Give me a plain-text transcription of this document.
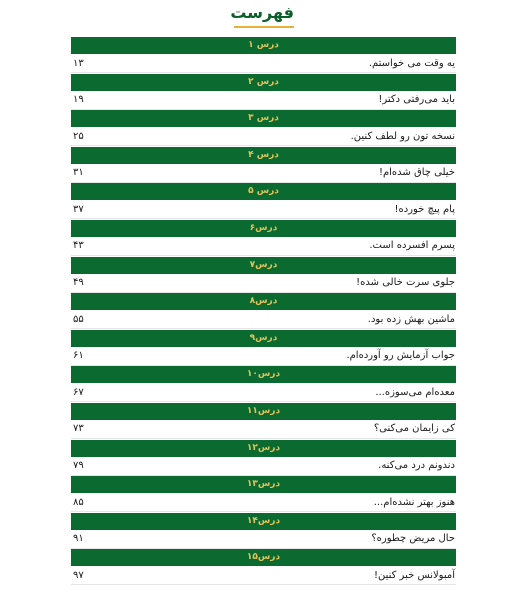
فهرست
درس ۱
۱۳	یه وقت می خواستم.
درس ۲
۱۹	باید می‌رفتی دکتر!
درس ۳
۲۵	نسخه تون رو لطف کنین.
درس ۴
۳۱	خیلی چاق شده‌ام!
درس ۵
۳۷	پام پیچ خورده!
درس۶
۴۳	پسرم افسرده است.
درس۷
۴۹	جلوی سرت خالی شده!
درس۸
۵۵	ماشین بهش زده بود.
درس۹
۶۱	جواب آزمایش رو آورده‌ام.
درس۱۰
۶۷	معده‌ام می‌سوزه...
درس۱۱
۷۳	کی زایمان می‌کنی؟
درس۱۲
۷۹	دندونم درد می‌کنه.
درس۱۳
۸۵	هنوز بهتر نشده‌ام...
درس۱۴
۹۱	حال مریض چطوره؟
درس۱۵
۹۷	آمبولانس خبر کنین!
